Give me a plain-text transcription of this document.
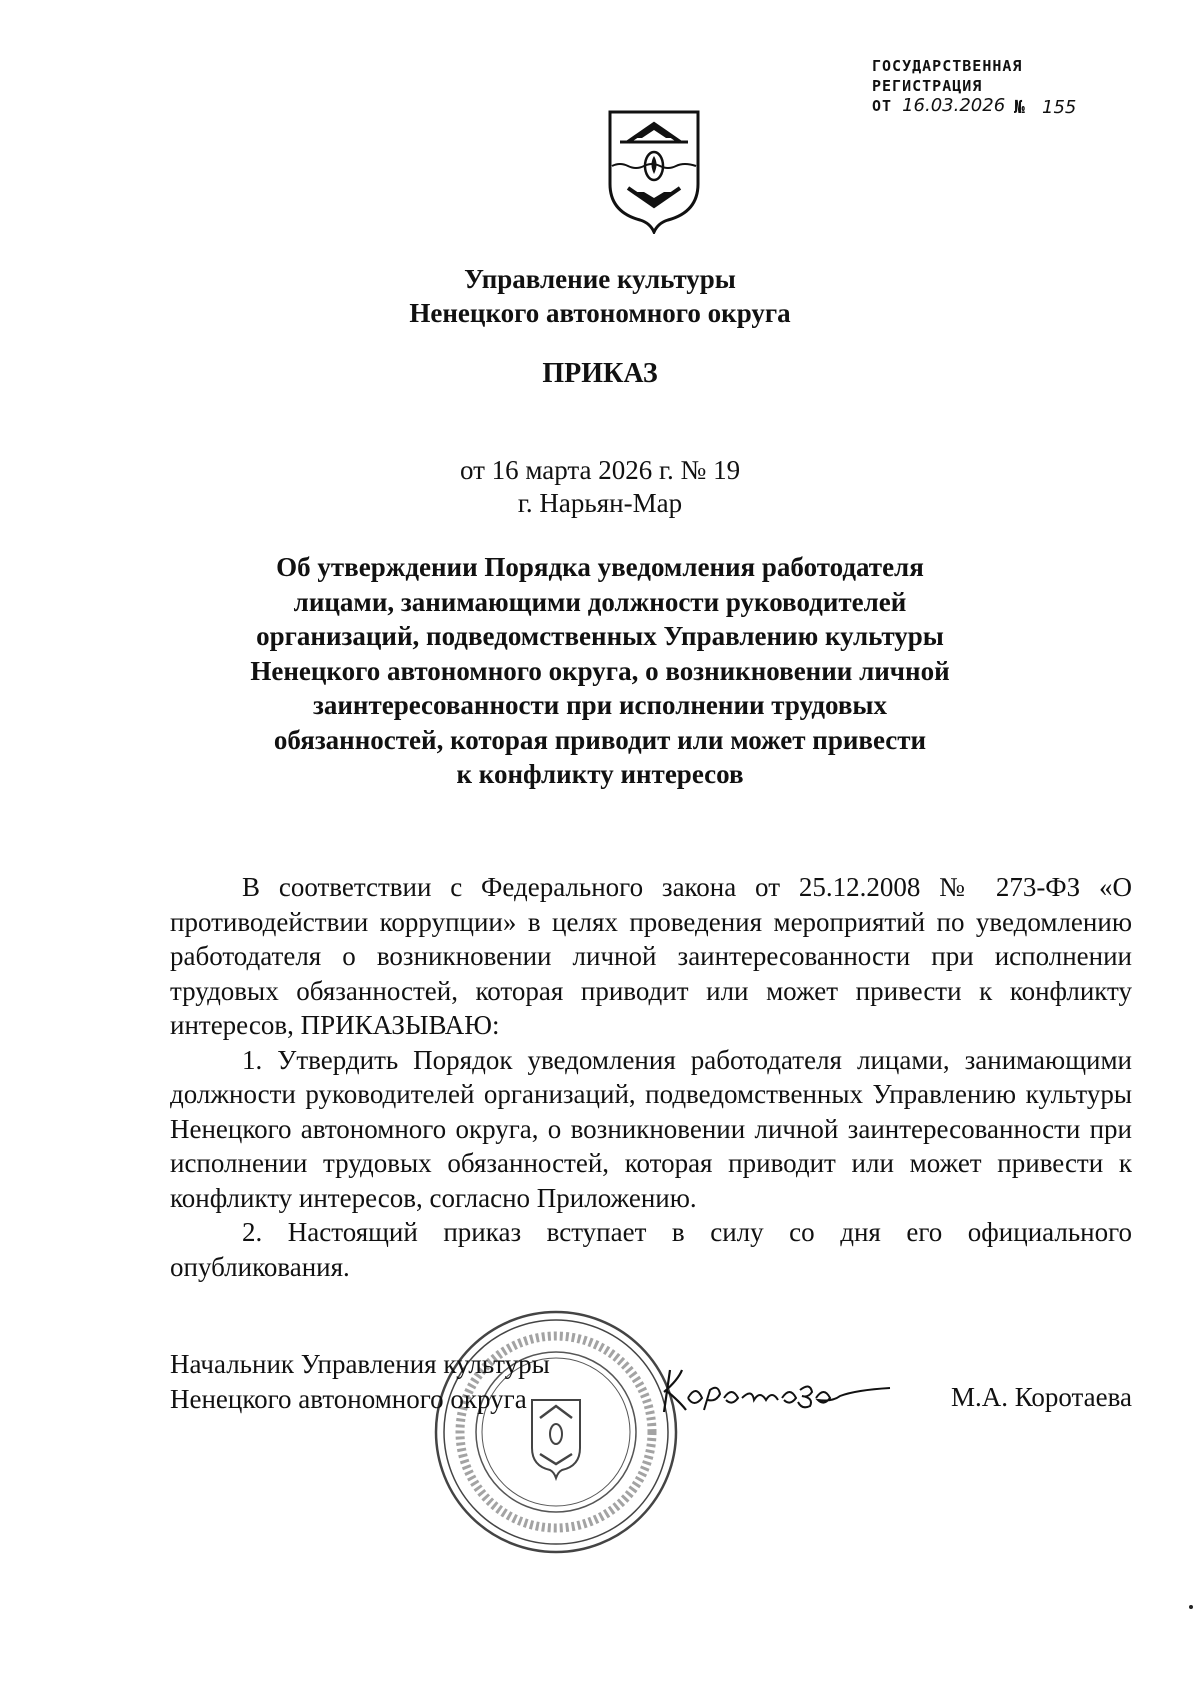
ГОСУДАРСТВЕННАЯ
РЕГИСТРАЦИЯ
ОТ 16.03.2026 № 155
Управление культуры
Ненецкого автономного округа
ПРИКАЗ
от 16 марта 2026 г. № 19
г. Нарьян-Мар
Об утверждении Порядка уведомления работодателя
лицами, занимающими должности руководителей
организаций, подведомственных Управлению культуры
Ненецкого автономного округа, о возникновении личной
заинтересованности при исполнении трудовых
обязанностей, которая приводит или может привести
к конфликту интересов

В соответствии с Федерального закона от 25.12.2008 № 273-ФЗ «О противодействии коррупции» в целях проведения мероприятий по уведомлению работодателя о возникновении личной заинтересованности при исполнении трудовых обязанностей, которая приводит или может привести к конфликту интересов, ПРИКАЗЫВАЮ:

1. Утвердить Порядок уведомления работодателя лицами, занимающими должности руководителей организаций, подведомственных Управлению культуры Ненецкого автономного округа, о возникновении личной заинтересованности при исполнении трудовых обязанностей, которая приводит или может привести к конфликту интересов, согласно Приложению.

2. Настоящий приказ вступает в силу со дня его официального опубликования.

Начальник Управления культуры
Ненецкого автономного округа	М.А. Коротаева
